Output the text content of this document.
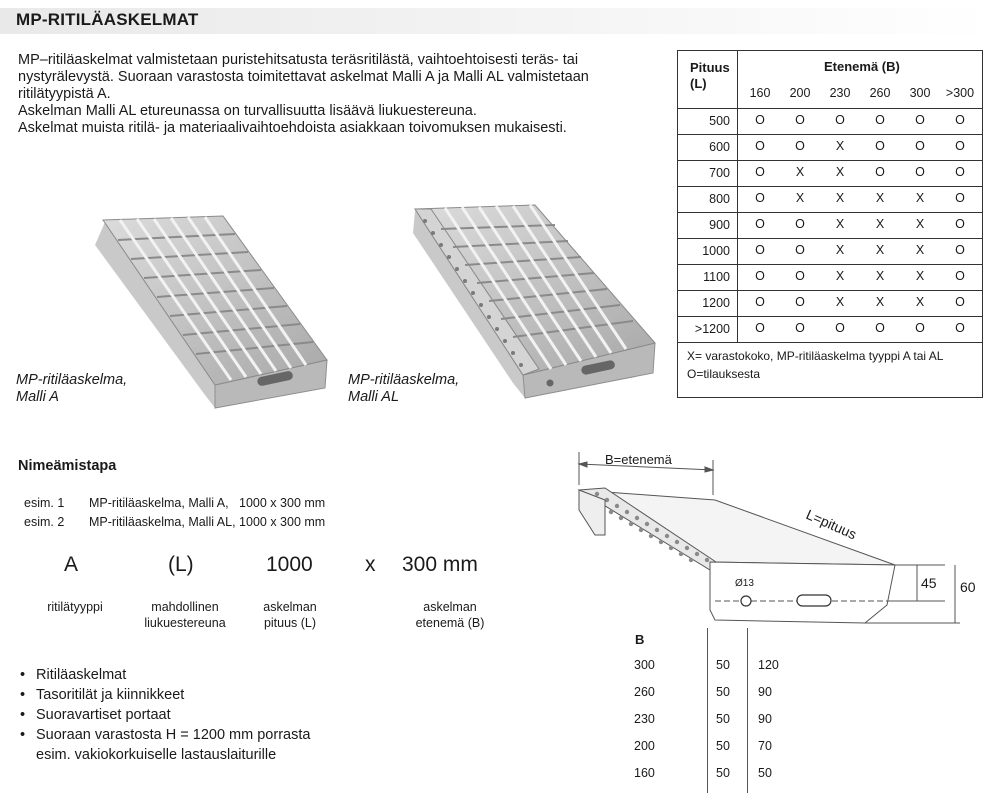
MP-RITILÄASKELMAT
MP–ritiläaskelmat valmistetaan puristehitsatusta teräsritilästä, vaihtoehtoisesti teräs- tai
nystyrälevystä. Suoraan varastosta toimitettavat askelmat Malli A ja Malli AL valmistetaan
ritilätyypistä A.
Askelman Malli AL etureunassa on turvallisuutta lisäävä liukuestereuna.
Askelmat muista ritilä- ja materiaalivaihtoehdoista asiakkaan toivomuksen mukaisesti.
Pituus
(L)
Etenemä (B)
160	200	230	260	300	>300
500	O	O	O	O	O	O
600	O	O	X	O	O	O
700	O	X	X	O	O	O
800	O	X	X	X	X	O
900	O	O	X	X	X	O
1000	O	O	X	X	X	O
1100	O	O	X	X	X	O
1200	O	O	X	X	X	O
>1200	O	O	O	O	O	O
X= varastokoko, MP-ritiläaskelma tyyppi A tai AL
O=tilauksesta
MP-ritiläaskelma,
Malli A
MP-ritiläaskelma,
Malli AL
Nimeämistapa
esim. 1 MP-ritiläaskelma, Malli A,   1000 x 300 mm
esim. 2 MP-ritiläaskelma, Malli AL, 1000 x 300 mm
A	(L)	1000 x 300 mm
ritilätyyppi	mahdollinen
liukuestereuna
askelman
pituus (L)
askelman
etenemä (B)
• Ritiläaskelmat
• Tasoritilät ja kiinnikkeet
• Suoravartiset portaat
• Suoraan varastosta H = 1200 mm porrasta
esim. vakiokorkuiselle lastauslaiturille
B=etenemä
Ø13
L=pituus
45 60
B
300	50 120
260	50 90
230	50 90
200	50 70
160	50 50
